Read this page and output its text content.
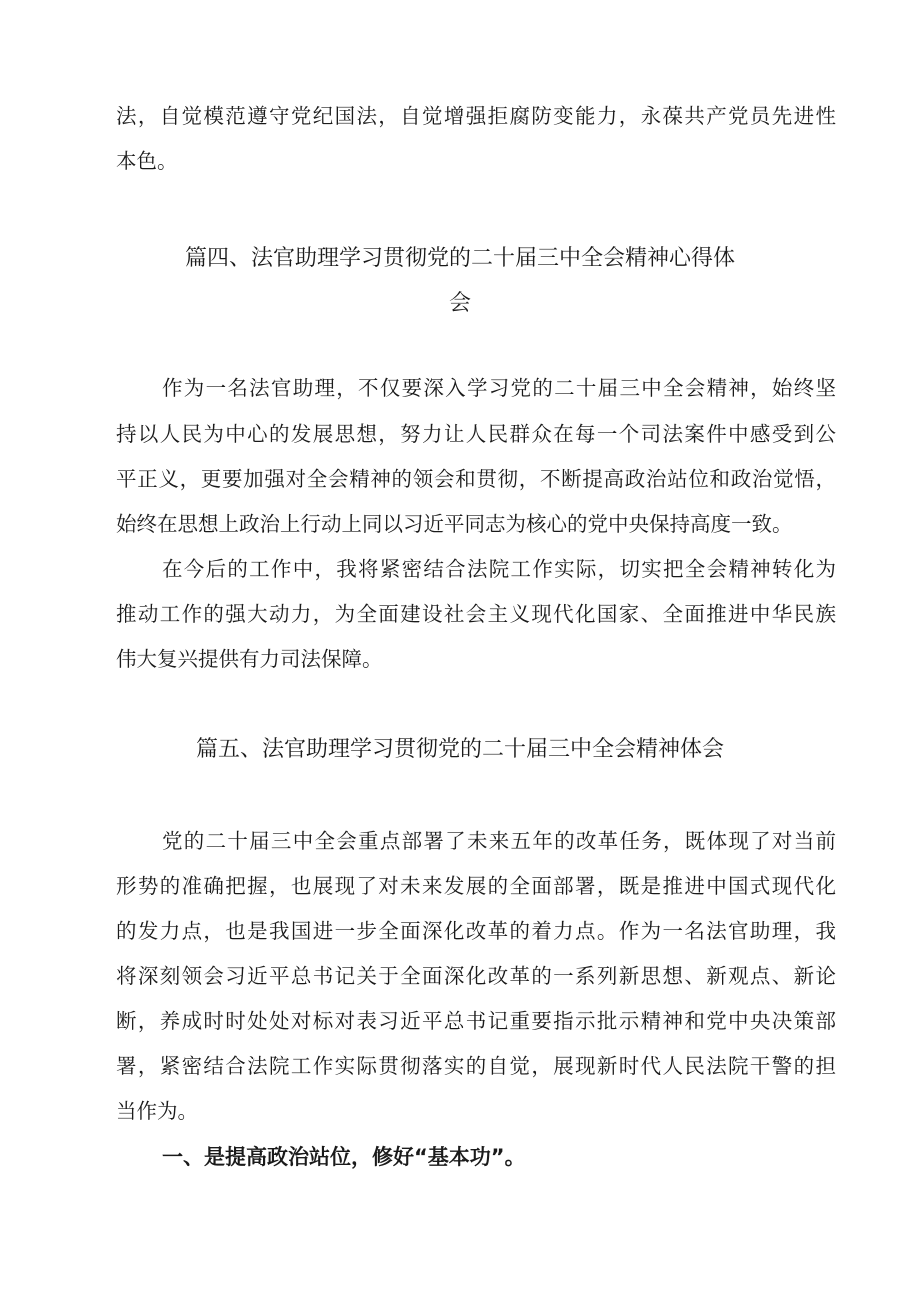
法，自觉模范遵守党纪国法，自觉增强拒腐防变能力，永葆共产党员先进性
本色。
篇四、法官助理学习贯彻党的二十届三中全会精神心得体
会
作为一名法官助理，不仅要深入学习党的二十届三中全会精神，始终坚
持以人民为中心的发展思想，努力让人民群众在每一个司法案件中感受到公
平正义，更要加强对全会精神的领会和贯彻，不断提高政治站位和政治觉悟，
始终在思想上政治上行动上同以习近平同志为核心的党中央保持高度一致。
在今后的工作中，我将紧密结合法院工作实际，切实把全会精神转化为
推动工作的强大动力，为全面建设社会主义现代化国家、全面推进中华民族
伟大复兴提供有力司法保障。
篇五、法官助理学习贯彻党的二十届三中全会精神体会
党的二十届三中全会重点部署了未来五年的改革任务，既体现了对当前
形势的准确把握，也展现了对未来发展的全面部署，既是推进中国式现代化
的发力点，也是我国进一步全面深化改革的着力点。作为一名法官助理，我
将深刻领会习近平总书记关于全面深化改革的一系列新思想、新观点、新论
断，养成时时处处对标对表习近平总书记重要指示批示精神和党中央决策部
署，紧密结合法院工作实际贯彻落实的自觉，展现新时代人民法院干警的担
当作为。
一、是提高政治站位，修好“基本功”。
